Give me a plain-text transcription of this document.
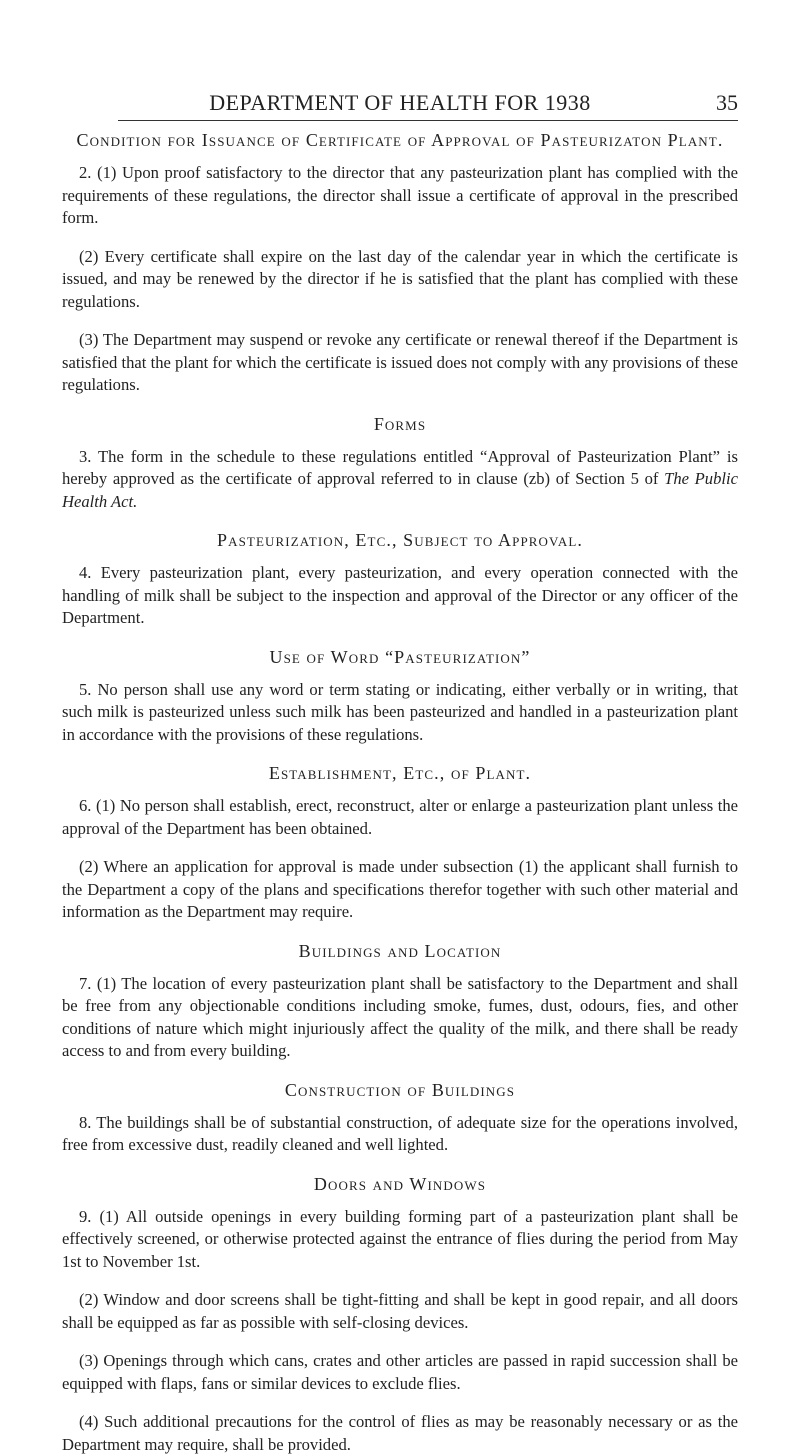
DEPARTMENT OF HEALTH FOR 1938	35
Condition for Issuance of Certificate of Approval of Pasteurizaton Plant.

2. (1) Upon proof satisfactory to the director that any pasteurization plant has complied with the requirements of these regulations, the director shall issue a certificate of approval in the prescribed form.

(2) Every certificate shall expire on the last day of the calendar year in which the certificate is issued, and may be renewed by the director if he is satisfied that the plant has complied with these regulations.

(3) The Department may suspend or revoke any certificate or renewal thereof if the Department is satisfied that the plant for which the certificate is issued does not comply with any provisions of these regulations.

Forms

3. The form in the schedule to these regulations entitled “Approval of Pasteurization Plant” is hereby approved as the certificate of approval referred to in clause (zb) of Section 5 of The Public Health Act.

Pasteurization, Etc., Subject to Approval.

4. Every pasteurization plant, every pasteurization, and every operation connected with the handling of milk shall be subject to the inspection and approval of the Director or any officer of the Department.

Use of Word “Pasteurization”

5. No person shall use any word or term stating or indicating, either verbally or in writing, that such milk is pasteurized unless such milk has been pasteurized and handled in a pasteurization plant in accordance with the provisions of these regulations.

Establishment, Etc., of Plant.

6. (1) No person shall establish, erect, reconstruct, alter or enlarge a pasteurization plant unless the approval of the Department has been obtained.

(2) Where an application for approval is made under subsection (1) the applicant shall furnish to the Department a copy of the plans and specifications therefor together with such other material and information as the Department may require.

Buildings and Location

7. (1) The location of every pasteurization plant shall be satisfactory to the Department and shall be free from any objectionable conditions including smoke, fumes, dust, odours, fies, and other conditions of nature which might injuriously affect the quality of the milk, and there shall be ready access to and from every building.

Construction of Buildings

8. The buildings shall be of substantial construction, of adequate size for the operations involved, free from excessive dust, readily cleaned and well lighted.

Doors and Windows

9. (1) All outside openings in every building forming part of a pasteurization plant shall be effectively screened, or otherwise protected against the entrance of flies during the period from May 1st to November 1st.

(2) Window and door screens shall be tight-fitting and shall be kept in good repair, and all doors shall be equipped as far as possible with self-closing devices.

(3) Openings through which cans, crates and other articles are passed in rapid succession shall be equipped with flaps, fans or similar devices to exclude flies.

(4) Such additional precautions for the control of flies as may be reasonably necessary or as the Department may require, shall be provided.
